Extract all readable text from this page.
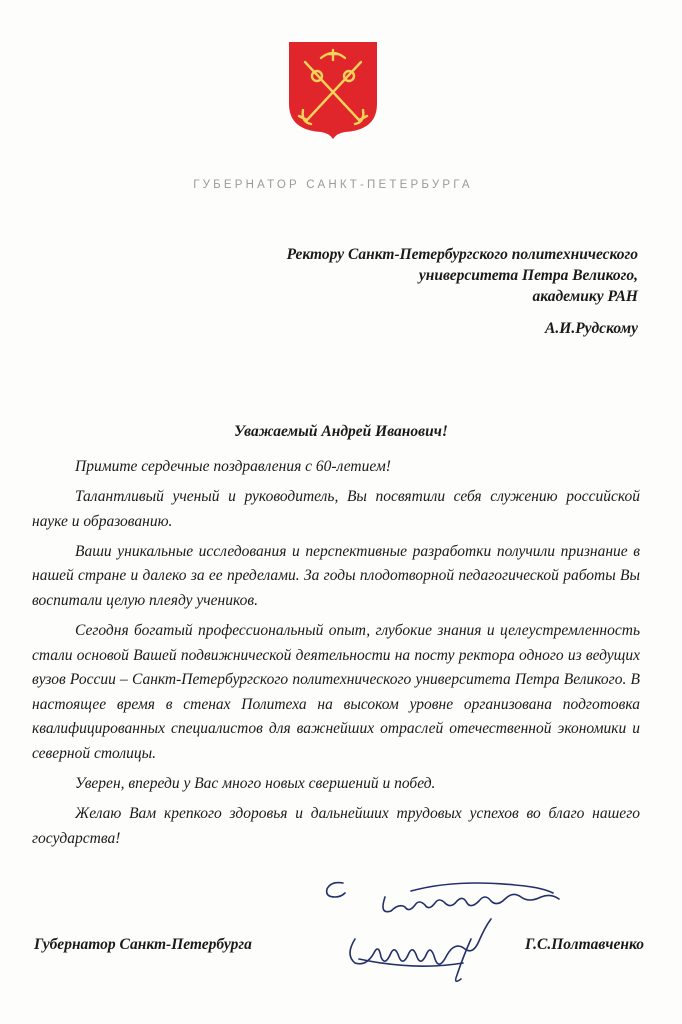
ГУБЕРНАТОР САНКТ-ПЕТЕРБУРГА
Ректору Санкт-Петербургского политехнического
университета Петра Великого,
академику РАН
А.И.Рудскому
Уважаемый Андрей Иванович!

Примите сердечные поздравления с 60-летием!

Талантливый ученый и руководитель, Вы посвятили себя служению российской науке и образованию.

Ваши уникальные исследования и перспективные разработки получили признание в нашей стране и далеко за ее пределами. За годы плодотворной педагогической работы Вы воспитали целую плеяду учеников.

Сегодня богатый профессиональный опыт, глубокие знания и целеустремленность стали основой Вашей подвижнической деятельности на посту ректора одного из ведущих вузов России – Санкт-Петербургского политехнического университета Петра Великого. В настоящее время в стенах Политеха на высоком уровне организована подготовка квалифицированных специалистов для важнейших отраслей отечественной экономики и северной столицы.

Уверен, впереди у Вас много новых свершений и побед.

Желаю Вам крепкого здоровья и дальнейших трудовых успехов во благо нашего государства!

Губернатор Санкт-Петербурга	Г.С.Полтавченко
